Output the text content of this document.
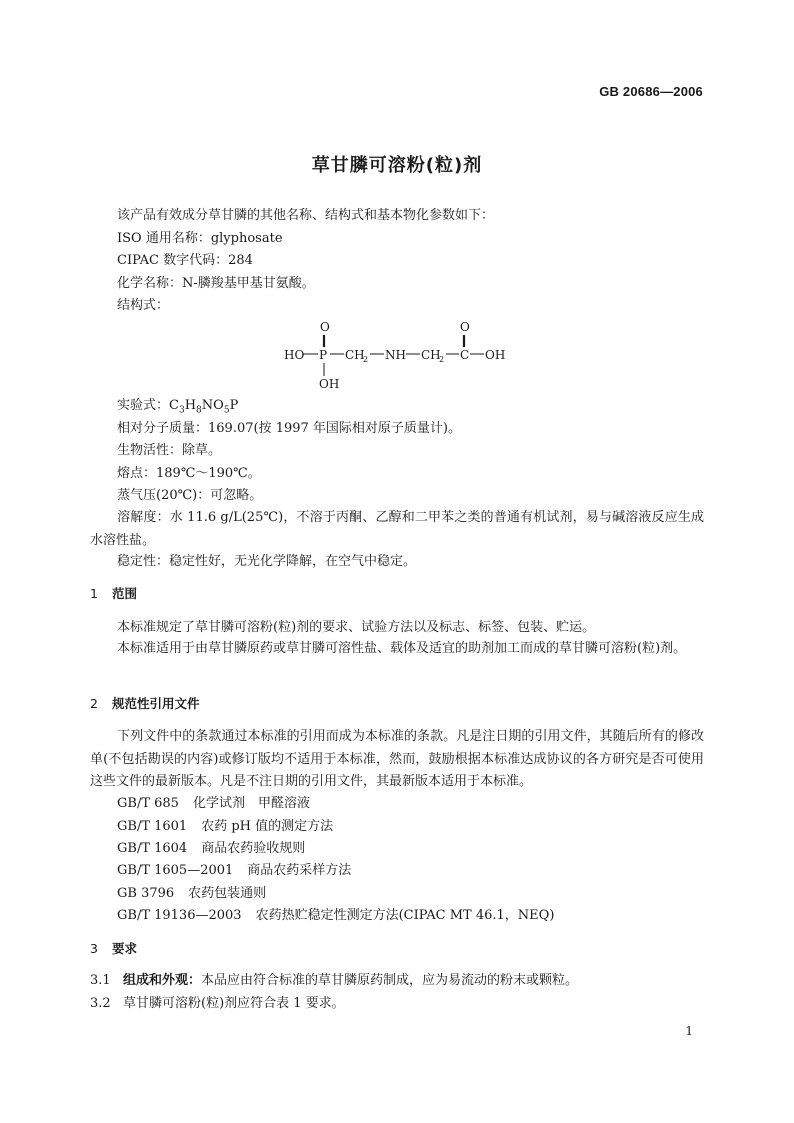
GB 20686—2006
草甘膦可溶粉(粒)剂
该产品有效成分草甘膦的其他名称、结构式和基本物化参数如下：
ISO 通用名称：glyphosate
CIPAC 数字代码：284
化学名称：N-膦羧基甲基甘氨酸。
结构式：
O	O
HO P CH
2 NH CH
2 C OH
OH
实验式：$C_3H_8NO_5P$
相对分子质量：169.07(按 1997 年国际相对原子质量计)。
生物活性：除草。
熔点：189℃～190℃。
蒸气压(20℃)：可忽略。
溶解度：水 11.6 g/L(25℃)，不溶于丙酮、乙醇和二甲苯之类的普通有机试剂，易与碱溶液反应生成水溶性盐。
稳定性：稳定性好，无光化学降解，在空气中稳定。
1 范围
本标准规定了草甘膦可溶粉(粒)剂的要求、试验方法以及标志、标签、包装、贮运。
本标准适用于由草甘膦原药或草甘膦可溶性盐、载体及适宜的助剂加工而成的草甘膦可溶粉(粒)剂。
2 规范性引用文件
下列文件中的条款通过本标准的引用而成为本标准的条款。凡是注日期的引用文件，其随后所有的修改单(不包括勘误的内容)或修订版均不适用于本标准，然而，鼓励根据本标准达成协议的各方研究是否可使用这些文件的最新版本。凡是不注日期的引用文件，其最新版本适用于本标准。
GB/T 685 化学试剂　甲醛溶液
GB/T 1601 农药 pH 值的测定方法
GB/T 1604 商品农药验收规则
GB/T 1605—2001 商品农药采样方法
GB 3796 农药包装通则
GB/T 19136—2003 农药热贮稳定性测定方法(CIPAC MT 46.1，NEQ)
3 要求
3.1 组成和外观：本品应由符合标准的草甘膦原药制成，应为易流动的粉末或颗粒。
3.2 草甘膦可溶粉(粒)剂应符合表 1 要求。
1
